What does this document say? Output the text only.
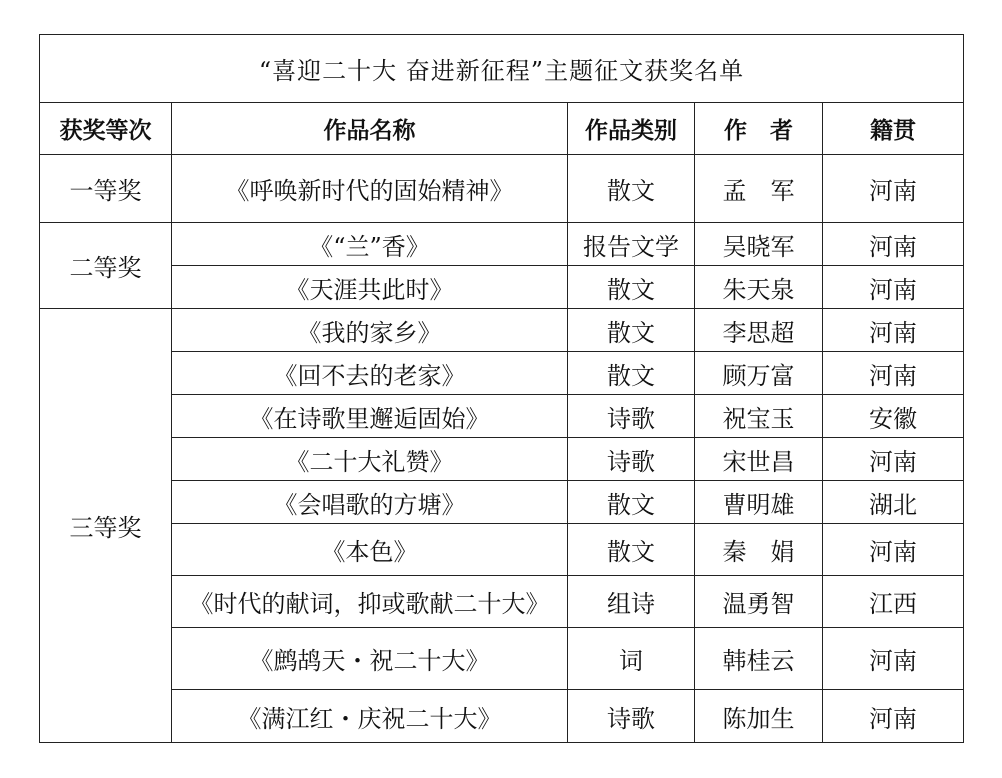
“喜迎二十大 奋进新征程”主题征文获奖名单				
获奖等次	作品名称	作品类别	作　者	籍贯
一等奖	《呼唤新时代的固始精神》	散文	孟　军	河南
二等奖	《“兰”香》	报告文学	吴晓军	河南
	《天涯共此时》	散文	朱天泉	河南
三等奖	《我的家乡》	散文	李思超	河南
	《回不去的老家》	散文	顾万富	河南
	《在诗歌里邂逅固始》	诗歌	祝宝玉	安徽
	《二十大礼赞》	诗歌	宋世昌	河南
	《会唱歌的方塘》	散文	曹明雄	湖北
	《本色》	散文	秦　娟	河南
	《时代的献词，抑或歌献二十大》	组诗	温勇智	江西
	《鹧鸪天・祝二十大》	词	韩桂云	河南
	《满江红・庆祝二十大》	诗歌	陈加生	河南
